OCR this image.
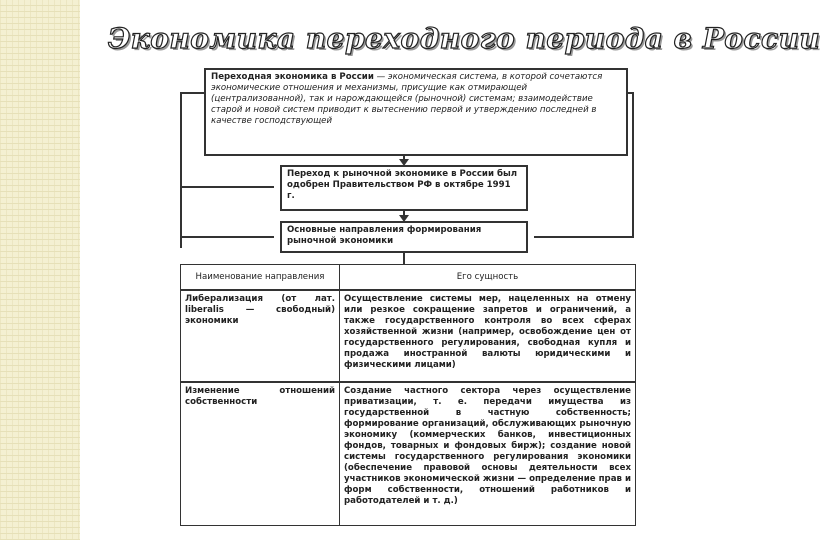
Экономика переходного периода в России
Переходная экономика в России — экономическая система, в которой сочетаются экономические отношения и механизмы, присущие как отмирающей (централизованной), так и нарождающейся (рыночной) системам; взаимодействие старой и новой систем приводит к вытеснению первой и утверждению последней в качестве господствующей
Переход к рыночной экономике в России был одобрен Правительством РФ в октябре 1991 г.
Основные направления формирования рыночной экономики
Наименование направления	Его сущность
Либерализация (от лат. liberalis — свободный) экономики	Осуществление системы мер, нацеленных на отмену или резкое сокращение запретов и ограничений, а также государственного контроля во всех сферах хозяйственной жизни (например, освобождение цен от государственного регулирования, свободная купля и продажа иностранной валюты юридическими и физическими лицами)
Изменение отношений собственности	Создание частного сектора через осуществление приватизации, т. е. передачи имущества из государственной в частную собственность; формирование организаций, обслуживающих рыночную экономику (коммерческих банков, инвестиционных фондов, товарных и фондовых бирж); создание новой системы государственного регулирования экономики (обеспечение правовой основы деятельности всех участников экономической жизни — определение прав и форм собственности, отношений работников и работодателей и т. д.)
